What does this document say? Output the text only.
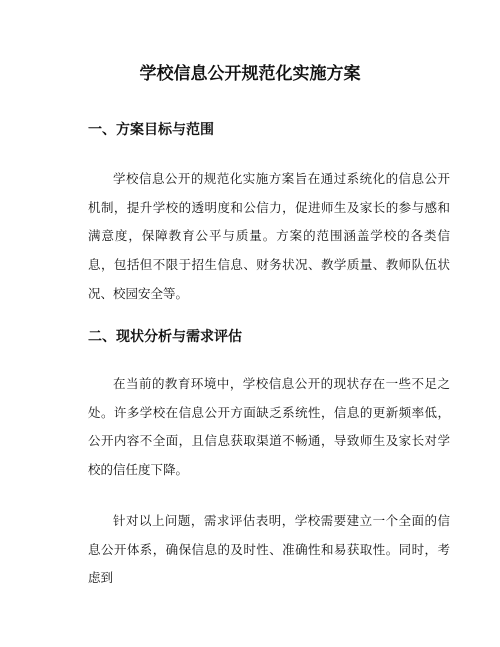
学校信息公开规范化实施方案
一、方案目标与范围

学校信息公开的规范化实施方案旨在通过系统化的信息公开机制，提升学校的透明度和公信力，促进师生及家长的参与感和满意度，保障教育公平与质量。方案的范围涵盖学校的各类信息，包括但不限于招生信息、财务状况、教学质量、教师队伍状况、校园安全等。

二、现状分析与需求评估

在当前的教育环境中，学校信息公开的现状存在一些不足之处。许多学校在信息公开方面缺乏系统性，信息的更新频率低，公开内容不全面，且信息获取渠道不畅通，导致师生及家长对学校的信任度下降。

针对以上问题，需求评估表明，学校需要建立一个全面的信息公开体系，确保信息的及时性、准确性和易获取性。同时，考虑到
